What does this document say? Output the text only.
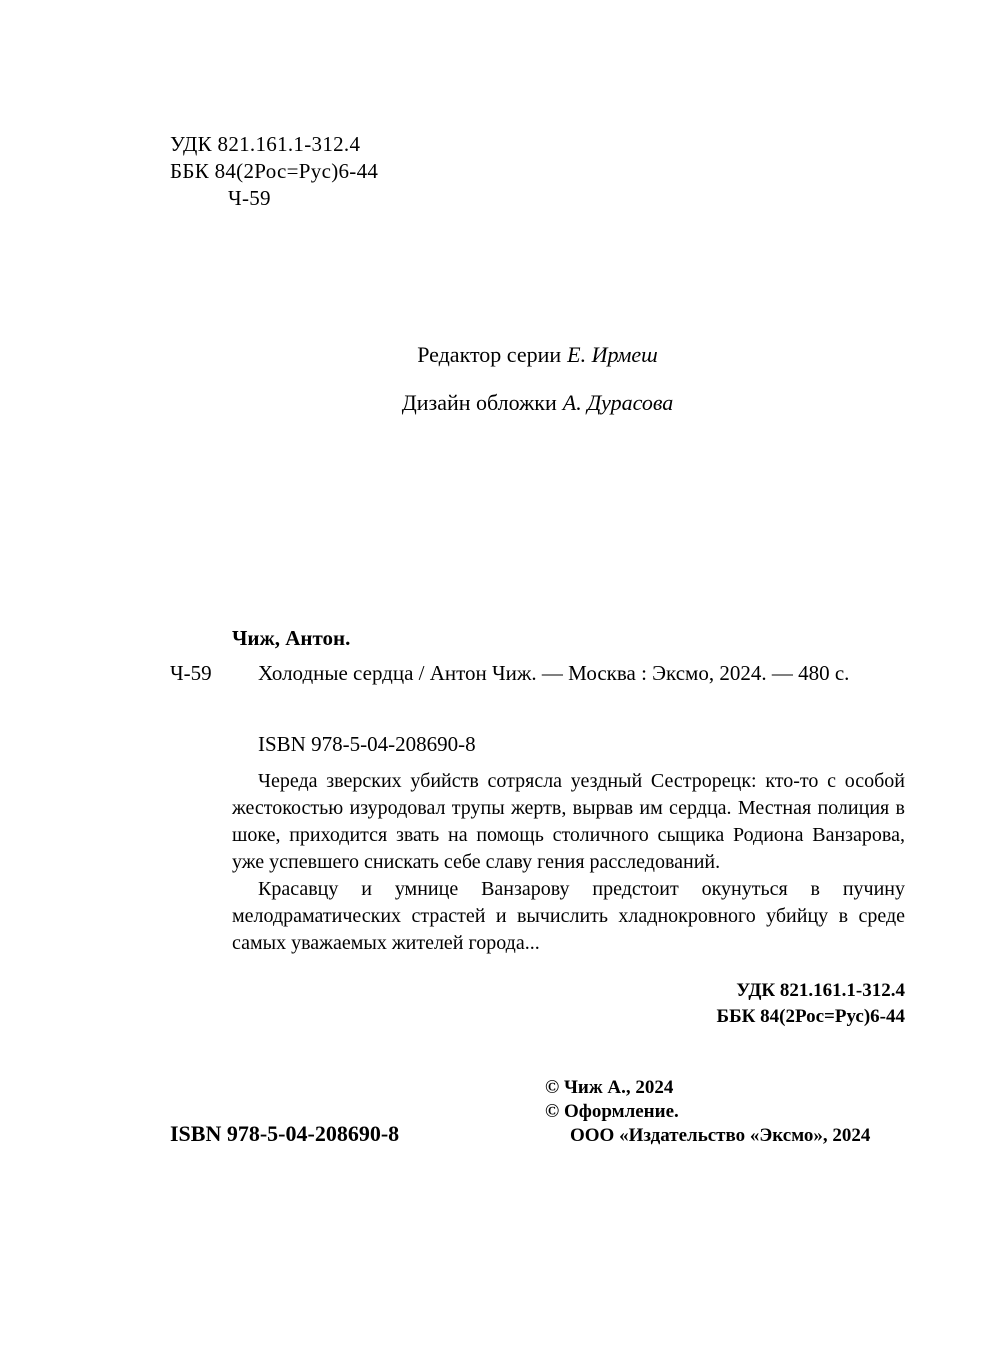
УДК 821.161.1-312.4
ББК 84(2Рос=Рус)6-44
Ч-59
Редактор серии Е. Ирмеш
Дизайн обложки А. Дурасова
Чиж, Антон.
Ч-59	Холодные сердца / Антон Чиж. — Москва : Эксмо, 2024. — 480 с.
ISBN 978-5-04-208690-8

Череда зверских убийств сотрясла уездный Сестрорецк: кто-то с особой жестокостью изуродовал трупы жертв, вырвав им сердца. Местная полиция в шоке, приходится звать на помощь столичного сыщика Родиона Ванзарова, уже успевшего снискать себе славу гения расследований.

Красавцу и умнице Ванзарову предстоит окунуться в пучину мелодраматических страстей и вычислить хладнокровного убийцу в среде самых уважаемых жителей города...

УДК 821.161.1-312.4
ББК 84(2Рос=Рус)6-44
© Чиж А., 2024
© Оформление.
ООО «Издательство «Эксмо», 2024
ISBN 978-5-04-208690-8
